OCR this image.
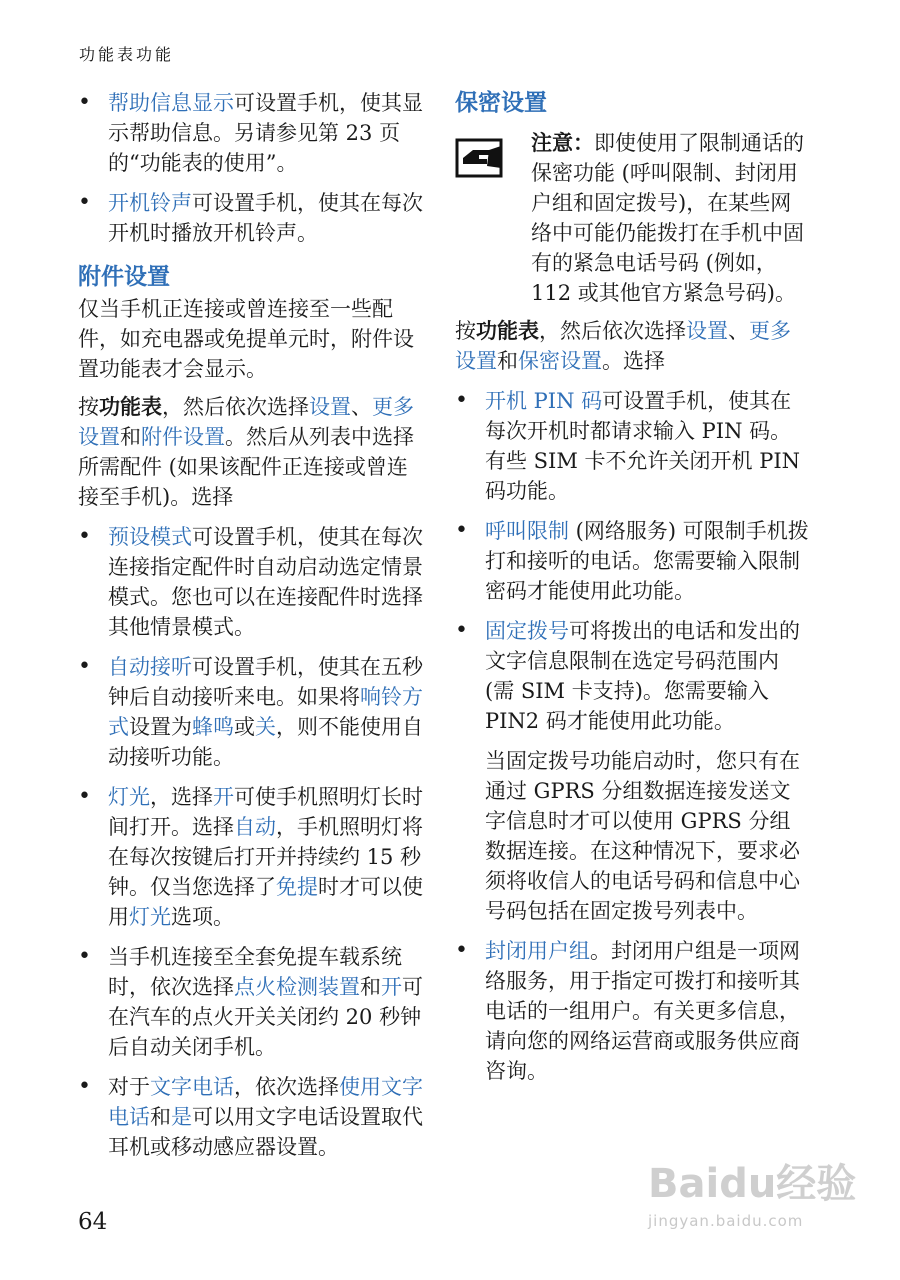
功能表功能
• 帮助信息显示可设置手机，使其显示帮助信息。另请参见第 23 页的“功能表的使用”。
• 开机铃声可设置手机，使其在每次开机时播放开机铃声。
附件设置

仅当手机正连接或曾连接至一些配件，如充电器或免提单元时，附件设置功能表才会显示。

按功能表，然后依次选择设置、更多设置和附件设置。然后从列表中选择所需配件 (如果该配件正连接或曾连接至手机)。选择

• 预设模式可设置手机，使其在每次连接指定配件时自动启动选定情景模式。您也可以在连接配件时选择其他情景模式。
• 自动接听可设置手机，使其在五秒钟后自动接听来电。如果将响铃方式设置为蜂鸣或关，则不能使用自动接听功能。
• 灯光，选择开可使手机照明灯长时间打开。选择自动，手机照明灯将在每次按键后打开并持续约 15 秒钟。仅当您选择了免提时才可以使用灯光选项。
• 当手机连接至全套免提车载系统时，依次选择点火检测装置和开可在汽车的点火开关关闭约 20 秒钟后自动关闭手机。
• 对于文字电话，依次选择使用文字电话和是可以用文字电话设置取代耳机或移动感应器设置。
保密设置

注意：即使使用了限制通话的保密功能 (呼叫限制、封闭用户组和固定拨号)，在某些网络中可能仍能拨打在手机中固有的紧急电话号码 (例如，112 或其他官方紧急号码)。

按功能表，然后依次选择设置、更多设置和保密设置。选择

• 开机 PIN 码可设置手机，使其在每次开机时都请求输入 PIN 码。有些 SIM 卡不允许关闭开机 PIN 码功能。
• 呼叫限制 (网络服务) 可限制手机拨打和接听的电话。您需要输入限制密码才能使用此功能。
• 固定拨号可将拨出的电话和发出的文字信息限制在选定号码范围内 (需 SIM 卡支持)。您需要输入 PIN2 码才能使用此功能。

当固定拨号功能启动时，您只有在通过 GPRS 分组数据连接发送文字信息时才可以使用 GPRS 分组数据连接。在这种情况下，要求必须将收信人的电话号码和信息中心号码包括在固定拨号列表中。

• 封闭用户组。封闭用户组是一项网络服务，用于指定可拨打和接听其电话的一组用户。有关更多信息，请向您的网络运营商或服务供应商咨询。
64
Baidu经验
jingyan.baidu.com
